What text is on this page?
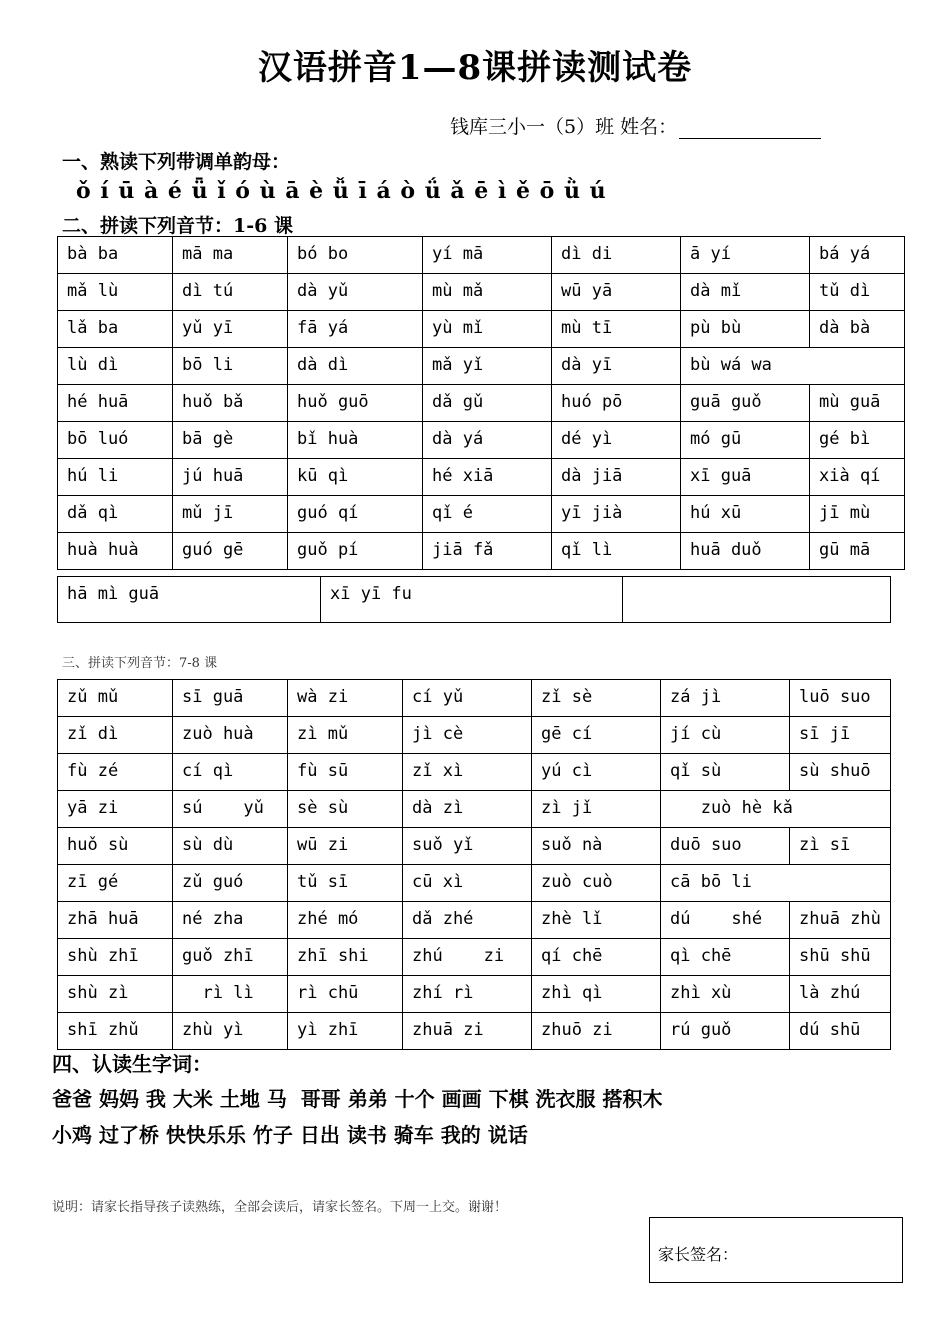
汉语拼音1—8课拼读测试卷
钱库三小一（5）班 姓名：
一、熟读下列带调单韵母：
ǒ í ū à é ǖ ǐ ó ù ā è ǚ ī á ò ǘ ǎ ē ì ě ō ǜ ú
二、拼读下列音节：1-6 课
bà ba	mā ma	bó bo	yí mā	dì di	ā yí	bá yá
mǎ lù	dì tú	dà yǔ	mù mǎ	wū yā	dà mǐ	tǔ dì
lǎ ba	yǔ yī	fā yá	yù mǐ	mù tī	pù bù	dà bà
lù dì	bō li	dà dì	mǎ yǐ	dà yī	bù wá wa	
hé huā	huǒ bǎ	huǒ guō	dǎ gǔ	huó pō	guā guǒ	mù guā
bō luó	bā gè	bǐ huà	dà yá	dé yì	mó gū	gé bì
hú li	jú huā	kū qì	hé xiā	dà jiā	xī guā	xià qí
dǎ qì	mǔ jī	guó qí	qǐ é	yī jià	hú xū	jī mù
huà huà	guó gē	guǒ pí	jiā fǎ	qǐ lì	huā duǒ	gū mā
hā mì guā	xī yī fu	
三、拼读下列音节：7-8 课
zǔ mǔ	sī guā	wà zi	cí yǔ	zǐ sè	zá jì	luō suo
zǐ dì	zuò huà	zì mǔ	jì cè	gē cí	jí cù	sī jī
fù zé	cí qì	fù sū	zǐ xì	yú cì	qǐ sù	sù shuō
yā zi	sú    yǔ	sè sù	dà zì	zì jǐ	zuò hè kǎ	
huǒ sù	sù dù	wū zi	suǒ yǐ	suǒ nà	duō suo	zì sī
zī gé	zǔ guó	tǔ sī	cū xì	zuò cuò	cā bō li	
zhā huā	né zha	zhé mó	dǎ zhé	zhè lǐ	dú    shé	zhuā zhù
shù zhī	guǒ zhī	zhī shi	zhú    zi	qí chē	qì chē	shū shū
shù zì	rì lì	rì chū	zhí rì	zhì qì	zhì xù	là zhú
shī zhǔ	zhù yì	yì zhī	zhuā zi	zhuō zi	rú guǒ	dú shū
四、认读生字词：
爸爸 妈妈 我 大米 土地 马  哥哥 弟弟 十个 画画 下棋 洗衣服 搭积木
小鸡 过了桥 快快乐乐 竹子 日出 读书 骑车 我的 说话
说明：请家长指导孩子读熟练，全部会读后，请家长签名。下周一上交。谢谢！
家长签名：
